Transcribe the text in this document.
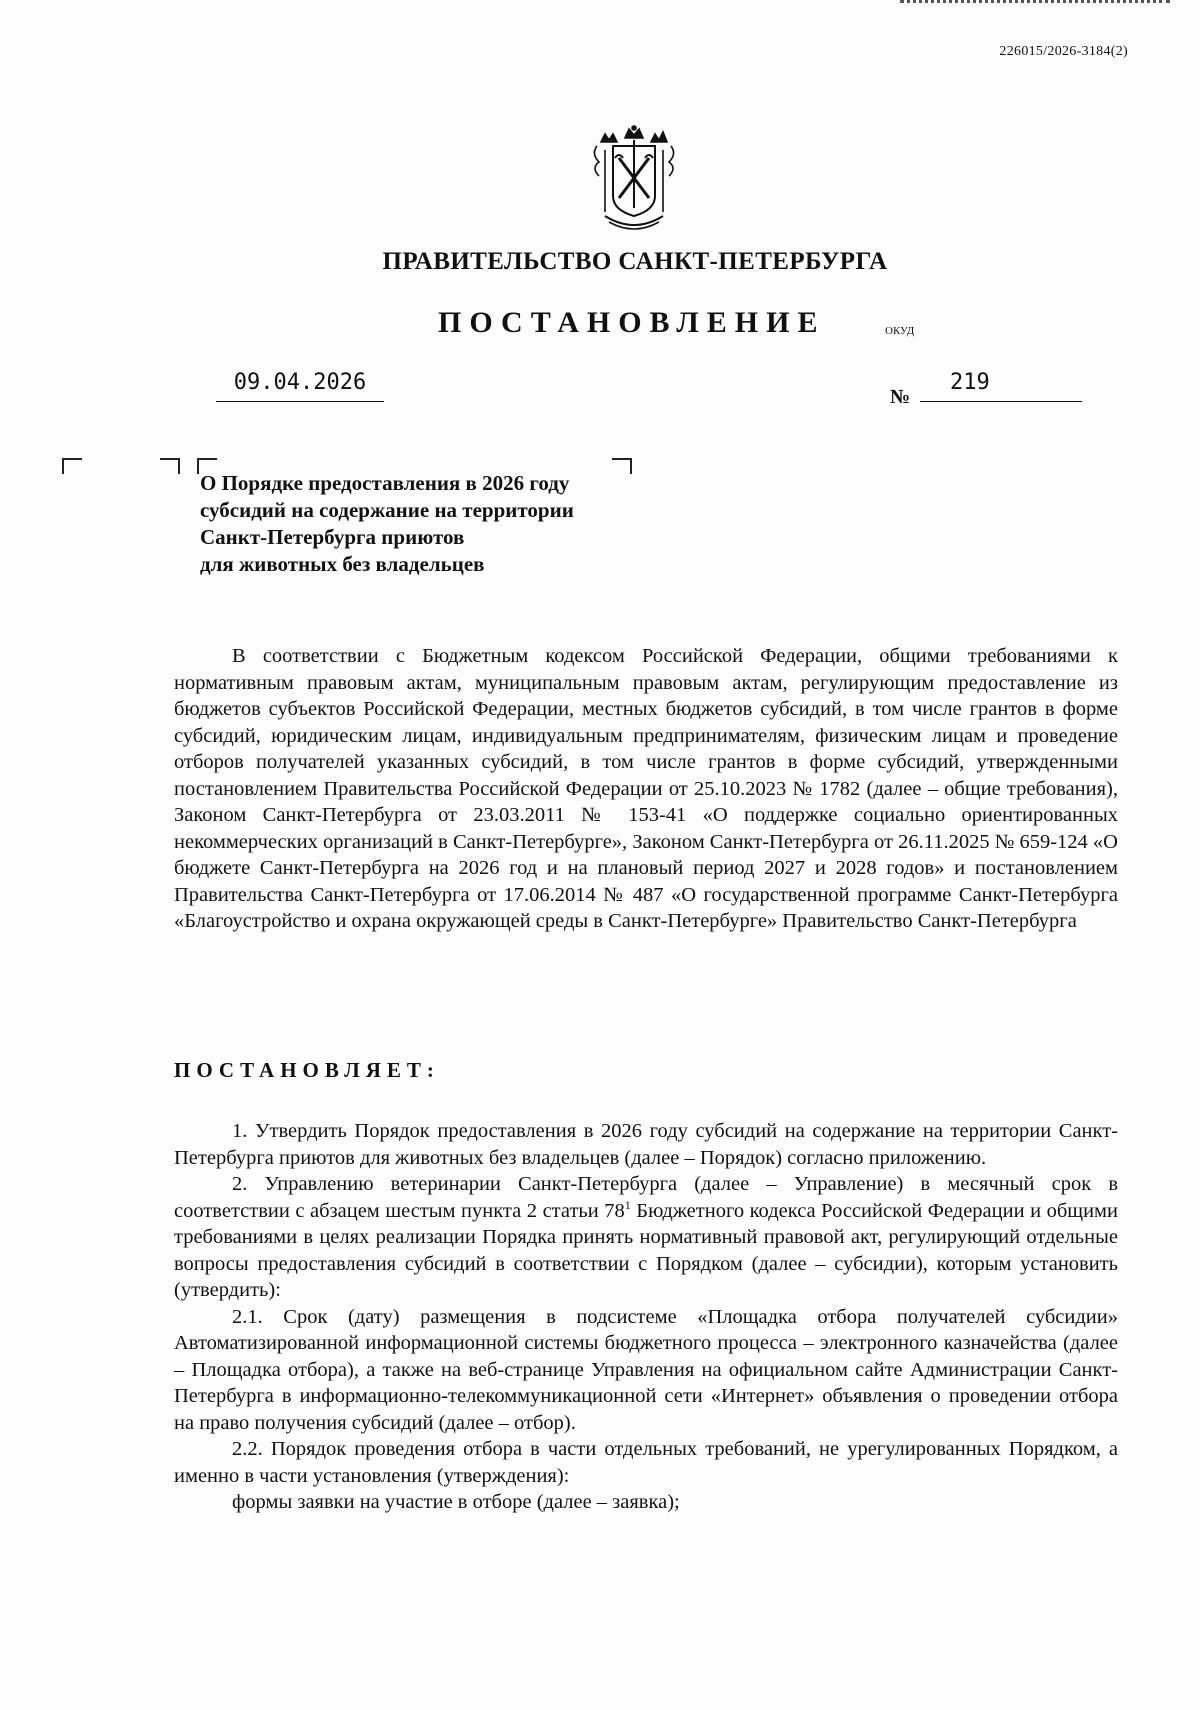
226015/2026-3184(2)
ПРАВИТЕЛЬСТВО САНКТ-ПЕТЕРБУРГА
ПОСТАНОВЛЕНИЕ	ОКУД
09.04.2026
№
219
О Порядке предоставления в 2026 году
субсидий на содержание на территории
Санкт-Петербурга приютов
для животных без владельцев

В соответствии с Бюджетным кодексом Российской Федерации, общими требованиями к нормативным правовым актам, муниципальным правовым актам, регулирующим предоставление из бюджетов субъектов Российской Федерации, местных бюджетов субсидий, в том числе грантов в форме субсидий, юридическим лицам, индивидуальным предпринимателям, физическим лицам и проведение отборов получателей указанных субсидий, в том числе грантов в форме субсидий, утвержденными постановлением Правительства Российской Федерации от 25.10.2023 № 1782 (далее – общие требования), Законом Санкт-Петербурга от 23.03.2011 № 153-41 «О поддержке социально ориентированных некоммерческих организаций в Санкт-Петербурге», Законом Санкт-Петербурга от 26.11.2025 № 659-124 «О бюджете Санкт-Петербурга на 2026 год и на плановый период 2027 и 2028 годов» и постановлением Правительства Санкт-Петербурга от 17.06.2014 № 487 «О государственной программе Санкт-Петербурга «Благоустройство и охрана окружающей среды в Санкт-Петербурге» Правительство Санкт-Петербурга

ПОСТАНОВЛЯЕТ:

1. Утвердить Порядок предоставления в 2026 году субсидий на содержание на территории Санкт-Петербурга приютов для животных без владельцев (далее – Порядок) согласно приложению.

2. Управлению ветеринарии Санкт-Петербурга (далее – Управление) в месячный срок в соответствии с абзацем шестым пункта 2 статьи $78^1$ Бюджетного кодекса Российской Федерации и общими требованиями в целях реализации Порядка принять нормативный правовой акт, регулирующий отдельные вопросы предоставления субсидий в соответствии с Порядком (далее – субсидии), которым установить (утвердить):

2.1. Срок (дату) размещения в подсистеме «Площадка отбора получателей субсидии» Автоматизированной информационной системы бюджетного процесса – электронного казначейства (далее – Площадка отбора), а также на веб-странице Управления на официальном сайте Администрации Санкт-Петербурга в информационно-телекоммуникационной сети «Интернет» объявления о проведении отбора на право получения субсидий (далее – отбор).

2.2. Порядок проведения отбора в части отдельных требований, не урегулированных Порядком, а именно в части установления (утверждения):

формы заявки на участие в отборе (далее – заявка);
